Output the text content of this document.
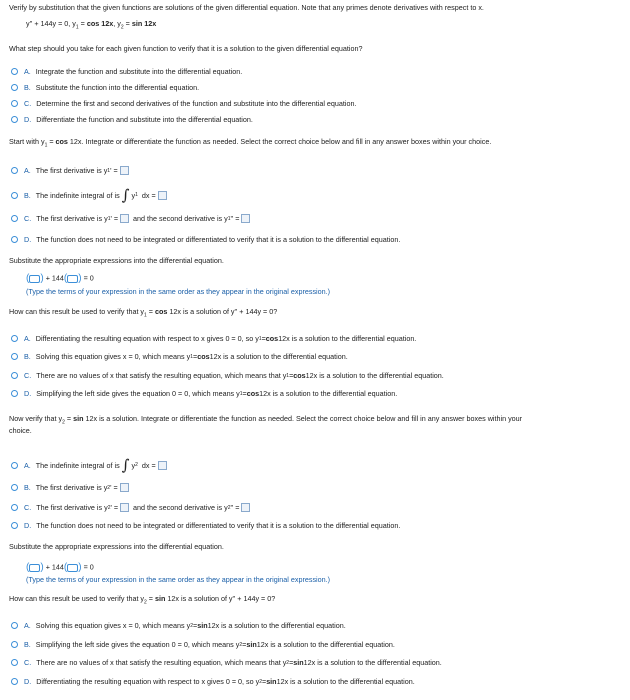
Verify by substitution that the given functions are solutions of the given differential equation. Note that any primes denote derivatives with respect to x.
y'' + 144y = 0, $y_1 = \cos 12x$, $y_2 = \sin 12x$
What step should you take for each given function to verify that it is a solution to the given differential equation?
A. Integrate the function and substitute into the differential equation.
B. Substitute the function into the differential equation.
C. Determine the first and second derivatives of the function and substitute into the differential equation.
D. Differentiate the function and substitute into the differential equation.
Start with $y_1 = \cos 12x$. Integrate or differentiate the function as needed. Select the correct choice below and fill in any answer boxes within your choice.
A. The first derivative is y 1 ' =
B. The indefinite integral of is ∫ y 1 dx =
C. The first derivative is y 1 ' = and the second derivative is y 1 '' =
D. The function does not need to be integrated or differentiated to verify that it is a solution to the differential equation.
Substitute the appropriate expressions into the differential equation.
( ) + 144( ) = 0
(Type the terms of your expression in the same order as they appear in the original expression.)
How can this result be used to verify that $y_1 = \cos 12x$ is a solution of y'' + 144y = 0?
A. Differentiating the resulting equation with respect to x gives 0 = 0, so y 1 = cos 12x is a solution to the differential equation.
B. Solving this equation gives x = 0, which means y 1 = cos 12x is a solution to the differential equation.
C. There are no values of x that satisfy the resulting equation, which means that y 1 = cos 12x is a solution to the differential equation.
D. Simplifying the left side gives the equation 0 = 0, which means y 1 = cos 12x is a solution to the differential equation.
Now verify that $y_2 = \sin 12x$ is a solution. Integrate or differentiate the function as needed. Select the correct choice below and fill in any answer boxes within your
choice.
A. The indefinite integral of is ∫ y 2 dx =
B. The first derivative is y 2 ' =
C. The first derivative is y 2 ' = and the second derivative is y 2 '' =
D. The function does not need to be integrated or differentiated to verify that it is a solution to the differential equation.
Substitute the appropriate expressions into the differential equation.
( ) + 144( ) = 0
(Type the terms of your expression in the same order as they appear in the original expression.)
How can this result be used to verify that $y_2 = \sin 12x$ is a solution of y'' + 144y = 0?
A. Solving this equation gives x = 0, which means y 2 = sin 12x is a solution to the differential equation.
B. Simplifying the left side gives the equation 0 = 0, which means y 2 = sin 12x is a solution to the differential equation.
C. There are no values of x that satisfy the resulting equation, which means that y 2 = sin 12x is a solution to the differential equation.
D. Differentiating the resulting equation with respect to x gives 0 = 0, so y 2 = sin 12x is a solution to the differential equation.
